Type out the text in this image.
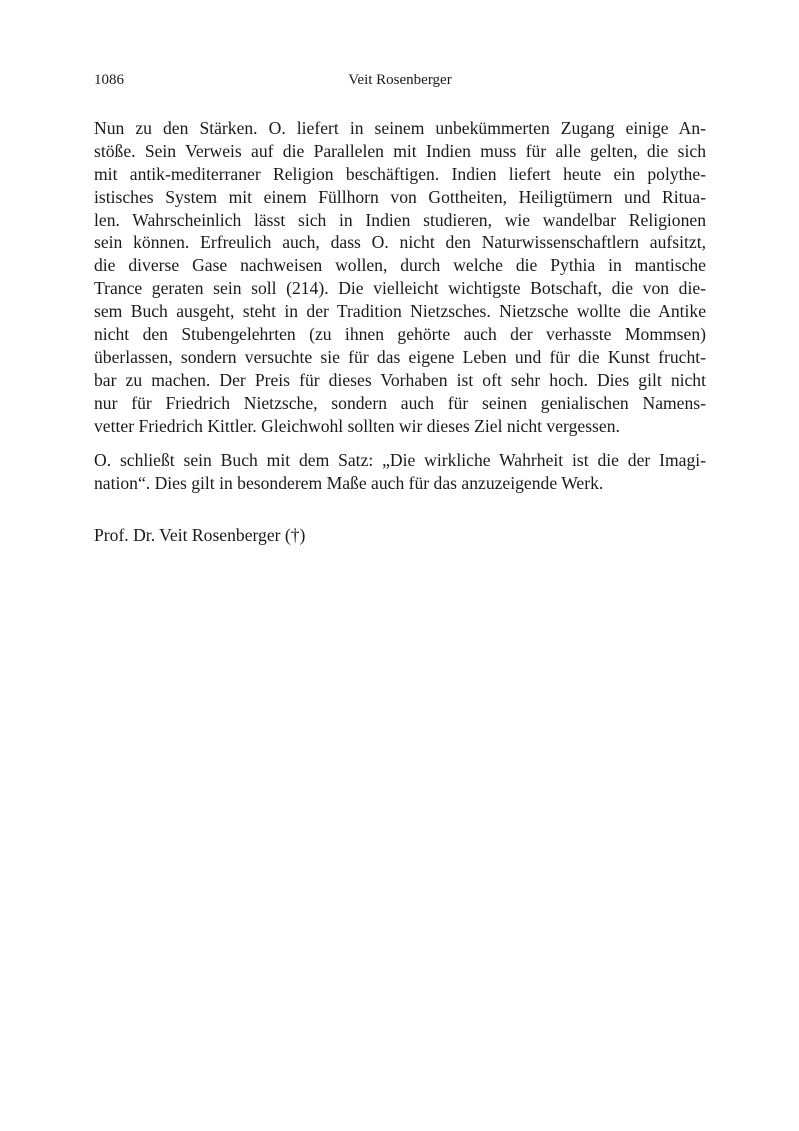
1086	Veit Rosenberger
Nun zu den Stärken. O. liefert in seinem unbekümmerten Zugang einige An-
stöße. Sein Verweis auf die Parallelen mit Indien muss für alle gelten, die sich
mit antik-mediterraner Religion beschäftigen. Indien liefert heute ein polythe-
istisches System mit einem Füllhorn von Gottheiten, Heiligtümern und Ritua-
len. Wahrscheinlich lässt sich in Indien studieren, wie wandelbar Religionen
sein können. Erfreulich auch, dass O. nicht den Naturwissenschaftlern aufsitzt,
die diverse Gase nachweisen wollen, durch welche die Pythia in mantische
Trance geraten sein soll (214). Die vielleicht wichtigste Botschaft, die von die-
sem Buch ausgeht, steht in der Tradition Nietzsches. Nietzsche wollte die Antike
nicht den Stubengelehrten (zu ihnen gehörte auch der verhasste Mommsen)
überlassen, sondern versuchte sie für das eigene Leben und für die Kunst frucht-
bar zu machen. Der Preis für dieses Vorhaben ist oft sehr hoch. Dies gilt nicht
nur für Friedrich Nietzsche, sondern auch für seinen genialischen Namens-
vetter Friedrich Kittler. Gleichwohl sollten wir dieses Ziel nicht vergessen.
O. schließt sein Buch mit dem Satz: „Die wirkliche Wahrheit ist die der Imagi-
nation“. Dies gilt in besonderem Maße auch für das anzuzeigende Werk.
Prof. Dr. Veit Rosenberger (†)
